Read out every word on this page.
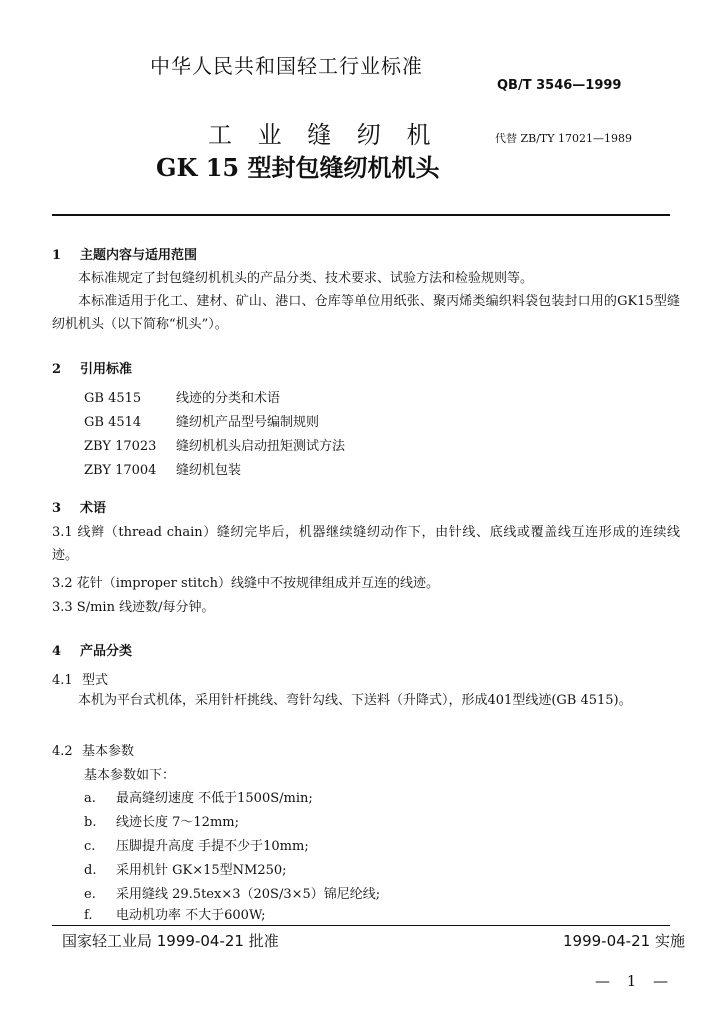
中华人民共和国轻工行业标准
QB/T 3546—1999
工 业 缝 纫 机
GK 15 型封包缝纫机机头
代替 ZB/TY 17021—1989
1 主题内容与适用范围
本标准规定了封包缝纫机机头的产品分类、技术要求、试验方法和检验规则等。
本标准适用于化工、建材、矿山、港口、仓库等单位用纸张、聚丙烯类编织料袋包装封口用的GK15型缝纫机机头（以下简称“机头”）。
2 引用标准
GB 4515	线迹的分类和术语
GB 4514	缝纫机产品型号编制规则
ZBY 17023 缝纫机机头启动扭矩测试方法
ZBY 17004 缝纫机包装
3 术语
3.1 线辫（thread chain）缝纫完毕后，机器继续缝纫动作下，由针线、底线或覆盖线互连形成的连续线迹。
3.2 花针（improper stitch）线缝中不按规律组成并互连的线迹。
3.3 S/min 线迹数/每分钟。
4 产品分类
4.1 型式
本机为平台式机体，采用针杆挑线、弯针勾线、下送料（升降式），形成401型线迹(GB 4515)。
4.2 基本参数
基本参数如下：
a. 最高缝纫速度 不低于1500S/min;
b. 线迹长度 7～12mm;
c. 压脚提升高度 手提不少于10mm;
d. 采用机针 GK×15型NM250;
e. 采用缝线 29.5tex×3（20S/3×5）锦尼纶线;
f. 电动机功率 不大于600W;
国家轻工业局 1999-04-21 批准	1999-04-21 实施
— 1 —
